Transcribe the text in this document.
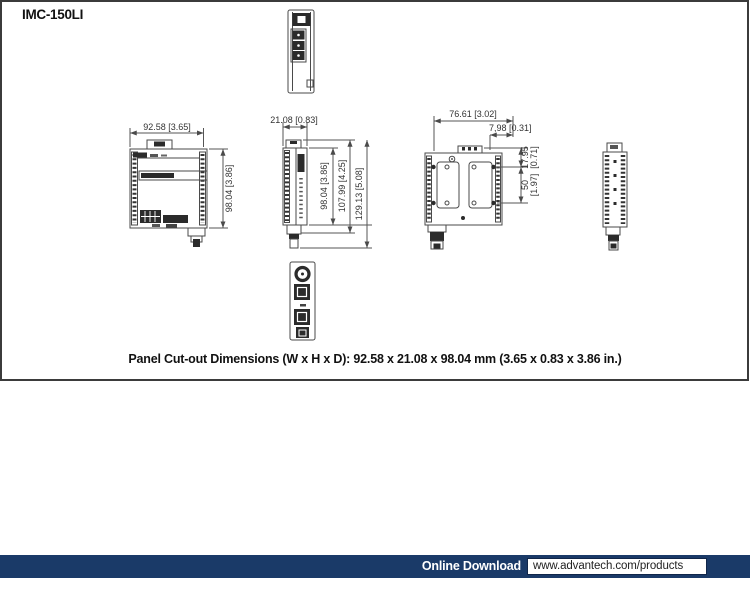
IMC-150LI
92.58 [3.65]
98.04 [3.86]
21.08 [0.83]
98.04 [3.86] 107.99 [4.25] 129.13 [5.08]
76.61 [3.02]
7,98 [0.31]
17.95 [0.71]
50 [1.97]
Panel Cut-out Dimensions (W x H x D): 92.58 x 21.08 x 98.04 mm (3.65 x 0.83 x 3.86 in.)
Online Download	www.advantech.com/products
